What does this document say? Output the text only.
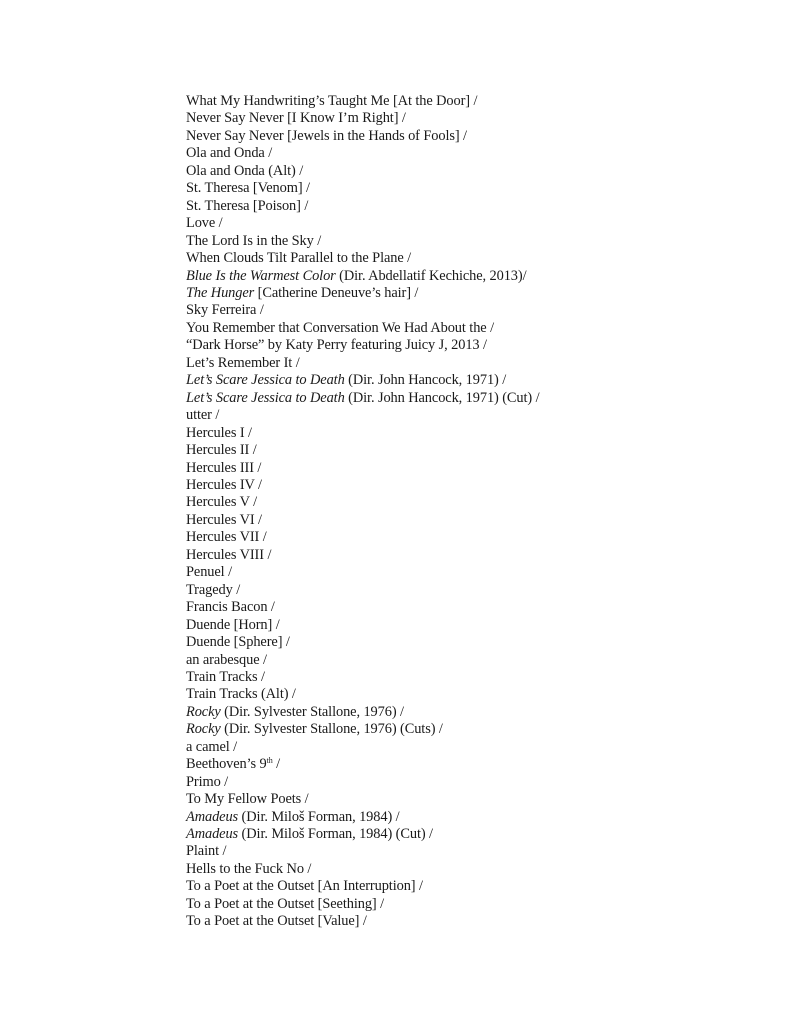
What My Handwriting’s Taught Me [At the Door] /
Never Say Never [I Know I’m Right] /
Never Say Never [Jewels in the Hands of Fools] /
Ola and Onda /
Ola and Onda (Alt) /
St. Theresa [Venom] /
St. Theresa [Poison] /
Love /
The Lord Is in the Sky /
When Clouds Tilt Parallel to the Plane /
Blue Is the Warmest Color (Dir. Abdellatif Kechiche, 2013)/
The Hunger [Catherine Deneuve’s hair] /
Sky Ferreira /
You Remember that Conversation We Had About the /
“Dark Horse” by Katy Perry featuring Juicy J, 2013 /
Let’s Remember It /
Let’s Scare Jessica to Death (Dir. John Hancock, 1971) /
Let’s Scare Jessica to Death (Dir. John Hancock, 1971) (Cut) /
utter /
Hercules I /
Hercules II /
Hercules III /
Hercules IV /
Hercules V /
Hercules VI /
Hercules VII /
Hercules VIII /
Penuel /
Tragedy /
Francis Bacon /
Duende [Horn] /
Duende [Sphere] /
an arabesque /
Train Tracks /
Train Tracks (Alt) /
Rocky (Dir. Sylvester Stallone, 1976) /
Rocky (Dir. Sylvester Stallone, 1976) (Cuts) /
a camel /
Beethoven’s 9th /
Primo /
To My Fellow Poets /
Amadeus (Dir. Miloš Forman, 1984) /
Amadeus (Dir. Miloš Forman, 1984) (Cut) /
Plaint /
Hells to the Fuck No /
To a Poet at the Outset [An Interruption] /
To a Poet at the Outset [Seething] /
To a Poet at the Outset [Value] /
